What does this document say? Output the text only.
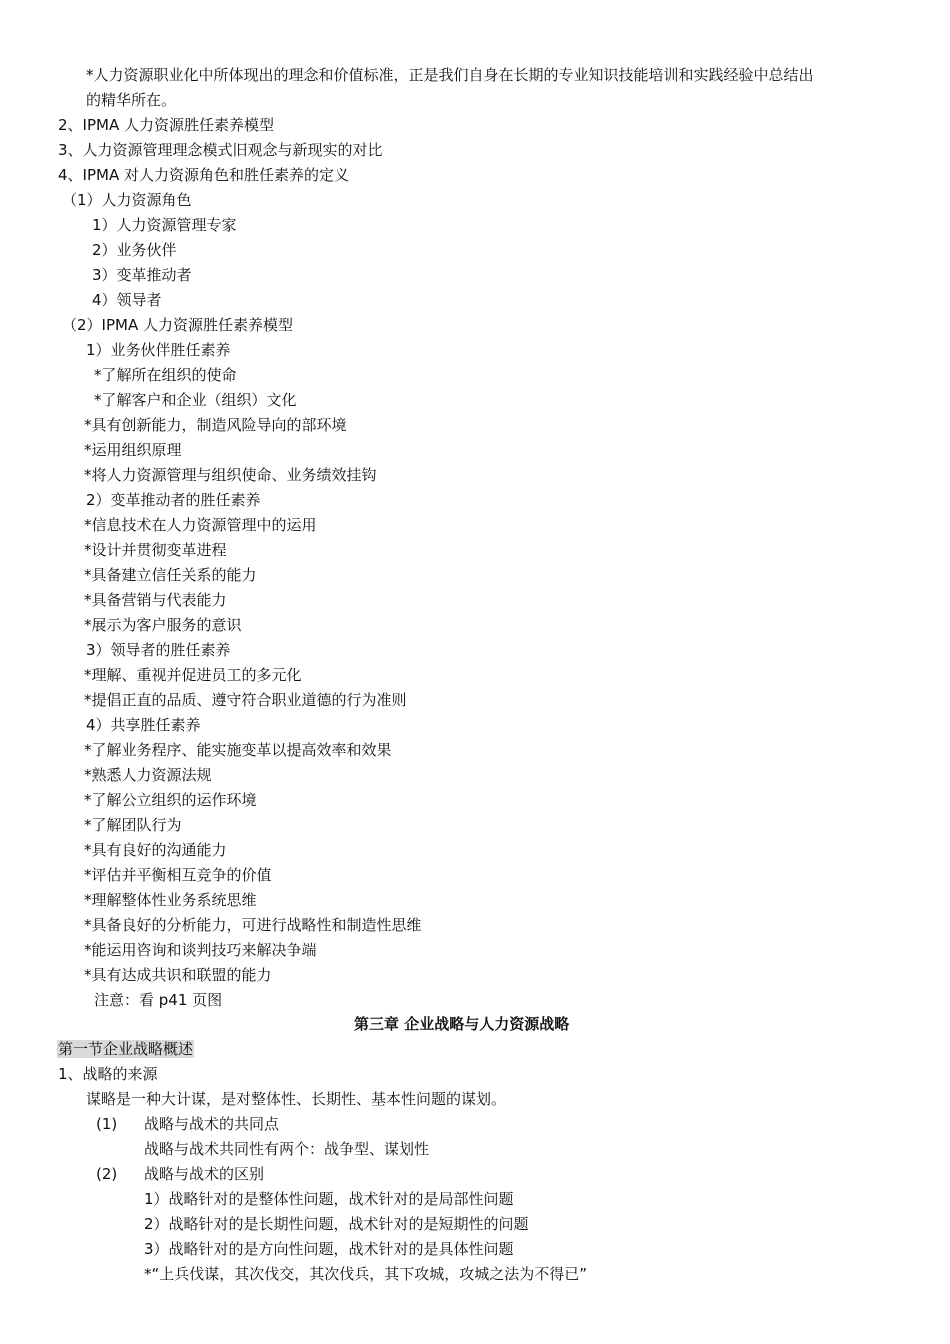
*人力资源职业化中所体现出的理念和价值标准，正是我们自身在长期的专业知识技能培训和实践经验中总结出
的精华所在。
2、IPMA 人力资源胜任素养模型
3、人力资源管理理念模式旧观念与新现实的对比
4、IPMA 对人力资源角色和胜任素养的定义
（1）人力资源角色
1）人力资源管理专家
2）业务伙伴
3）变革推动者
4）领导者
（2）IPMA 人力资源胜任素养模型
1）业务伙伴胜任素养
*了解所在组织的使命
*了解客户和企业（组织）文化
*具有创新能力，制造风险导向的部环境
*运用组织原理
*将人力资源管理与组织使命、业务绩效挂钩
2）变革推动者的胜任素养
*信息技术在人力资源管理中的运用
*设计并贯彻变革进程
*具备建立信任关系的能力
*具备营销与代表能力
*展示为客户服务的意识
3）领导者的胜任素养
*理解、重视并促进员工的多元化
*提倡正直的品质、遵守符合职业道德的行为准则
4）共享胜任素养
*了解业务程序、能实施变革以提高效率和效果
*熟悉人力资源法规
*了解公立组织的运作环境
*了解团队行为
*具有良好的沟通能力
*评估并平衡相互竞争的价值
*理解整体性业务系统思维
*具备良好的分析能力，可进行战略性和制造性思维
*能运用咨询和谈判技巧来解决争端
*具有达成共识和联盟的能力
注意：看 p41 页图
第三章 企业战略与人力资源战略
第一节企业战略概述
1、战略的来源
谋略是一种大计谋，是对整体性、长期性、基本性问题的谋划。
(1) 战略与战术的共同点
战略与战术共同性有两个：战争型、谋划性
(2) 战略与战术的区别
1）战略针对的是整体性问题，战术针对的是局部性问题
2）战略针对的是长期性问题，战术针对的是短期性的问题
3）战略针对的是方向性问题，战术针对的是具体性问题
*“上兵伐谋，其次伐交，其次伐兵，其下攻城，攻城之法为不得已”
